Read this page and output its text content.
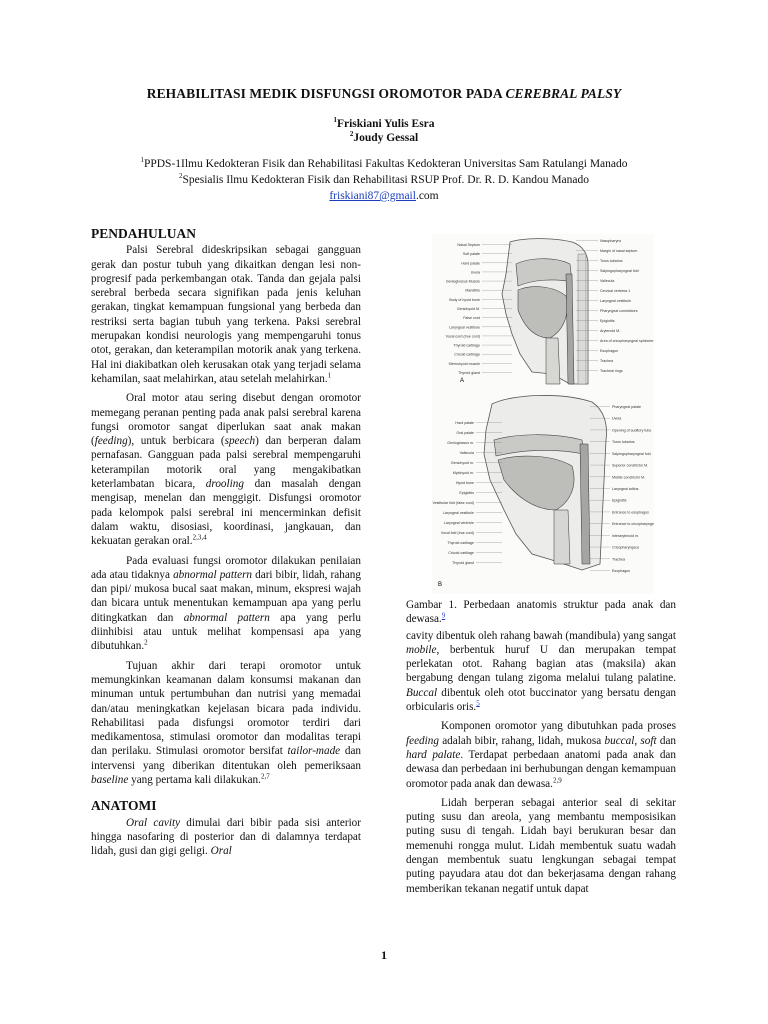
REHABILITASI MEDIK DISFUNGSI OROMOTOR PADA CEREBRAL PALSY
$^1$Friskiani Yulis Esra
$^2$Joudy Gessal
$^1$PPDS-1Ilmu Kedokteran Fisik dan Rehabilitasi Fakultas Kedokteran Universitas Sam Ratulangi Manado
$^2$Spesialis Ilmu Kedokteran Fisik dan Rehabilitasi RSUP Prof. Dr. R. D. Kandou Manado
friskiani87@gmail.com
PENDAHULUAN

Palsi Serebral dideskripsikan sebagai gangguan gerak dan postur tubuh yang dikaitkan dengan lesi non-progresif pada perkembangan otak. Tanda dan gejala palsi serebral berbeda secara signifikan pada jenis keluhan gerakan, tingkat kemampuan fungsional yang berbeda dan restriksi serta bagian tubuh yang terkena. Paksi serebral merupakan kondisi neurologis yang mempengaruhi tonus otot, gerakan, dan keterampilan motorik anak yang terkena. Hal ini diakibatkan oleh kerusakan otak yang terjadi selama kehamilan, saat melahirkan, atau setelah melahirkan.$^1$

Oral motor atau sering disebut dengan oromotor memegang peranan penting pada anak palsi serebral karena fungsi oromotor sangat diperlukan saat anak makan (feeding), untuk berbicara (speech) dan berperan dalam pernafasan. Gangguan pada palsi serebral mempengaruhi keterampilan motorik oral yang mengakibatkan keterlambatan bicara, drooling dan masalah dengan mengisap, menelan dan menggigit. Disfungsi oromotor pada kelompok palsi serebral ini mencerminkan defisit dalam waktu, disosiasi, koordinasi, jangkauan, dan kekuatan gerakan oral.$^{2,3,4}$

Pada evaluasi fungsi oromotor dilakukan penilaian ada atau tidaknya abnormal pattern dari bibir, lidah, rahang dan pipi/ mukosa bucal saat makan, minum, ekspresi wajah dan bicara untuk menentukan kemampuan apa yang perlu ditingkatkan dan abnormal pattern apa yang perlu diinhibisi atau untuk melihat kompensasi apa yang dibutuhkan.$^2$

Tujuan akhir dari terapi oromotor untuk memungkinkan keamanan dalam konsumsi makanan dan minuman untuk pertumbuhan dan nutrisi yang memadai dan/atau meningkatkan kejelasan bicara pada individu. Rehabilitasi pada disfungsi oromotor terdiri dari medikamentosa, stimulasi oromotor dan modalitas terapi dan perilaku. Stimulasi oromotor bersifat tailor-made dan intervensi yang diberikan ditentukan oleh pemeriksaan baseline yang pertama kali dilakukan.$^{2,7}$

ANATOMI

Oral cavity dimulai dari bibir pada sisi anterior hingga nasofaring di posterior dan di dalamnya terdapat lidah, gusi dan gigi geligi. Oral

A
B
Nasal Septum
Soft palate
Hard palate
Uvula
Genioglossus Muscle
Mandible
Body of hyoid bone
Geniohyoid M.
False cord
Laryngeal vestibule
Vocal cord (true cord)
Thyroid cartilage
Cricoid cartilage
Sternohyoid muscle
Thyroid gland
Nasopharynx
Margin of nasal septum
Torus tubarius
Salpingopharyngeal fold
Vallecula
Cervical vertebra 1
Laryngeal vestibule
Pharyngeal constrictors
Epiglottis
Arytenoid M.
Area of cricopharyngeal sphincter
Esophagus
Trachea
Tracheal rings
Hard palate
Oral palate
Genioglossus m.
Vallecula
Geniohyoid m.
Mylohyoid m.
Hyoid bone
Epiglottis
Vestibular fold (false cord)
Laryngeal vestibule
Laryngeal ventricle
Vocal fold (true cord)
Thyroid cartilage
Cricoid cartilage
Thyroid gland
Pharyngeal palate
Uvula
Opening of auditory tube
Torus tubarius
Salpingopharyngeal fold
Superior constrictor M.
Middle constrictor M.
Laryngeal aditus
Epiglottis
Entrance to esophagus
Entrance to cricopharyngeal
Interarytenoid m.
Cricopharyngeus
Trachea
Esophagus

Gambar 1. Perbedaan anatomis struktur pada anak dan dewasa.$^9$

cavity dibentuk oleh rahang bawah (mandibula) yang sangat mobile, berbentuk huruf U dan merupakan tempat perlekatan otot. Rahang bagian atas (maksila) akan bergabung dengan tulang zigoma melalui tulang palatine. Buccal dibentuk oleh otot buccinator yang bersatu dengan orbicularis oris.$^5$

Komponen oromotor yang dibutuhkan pada proses feeding adalah bibir, rahang, lidah, mukosa buccal, soft dan hard palate. Terdapat perbedaan anatomi pada anak dan dewasa dan perbedaan ini berhubungan dengan kemampuan oromotor pada anak dan dewasa.$^{2,9}$

Lidah berperan sebagai anterior seal di sekitar puting susu dan areola, yang membantu memposisikan puting susu di tengah. Lidah bayi berukuran besar dan memenuhi rongga mulut. Lidah membentuk suatu wadah dengan membentuk suatu lengkungan sebagai tempat puting payudara atau dot dan bekerjasama dengan rahang memberikan tekanan negatif untuk dapat

1
